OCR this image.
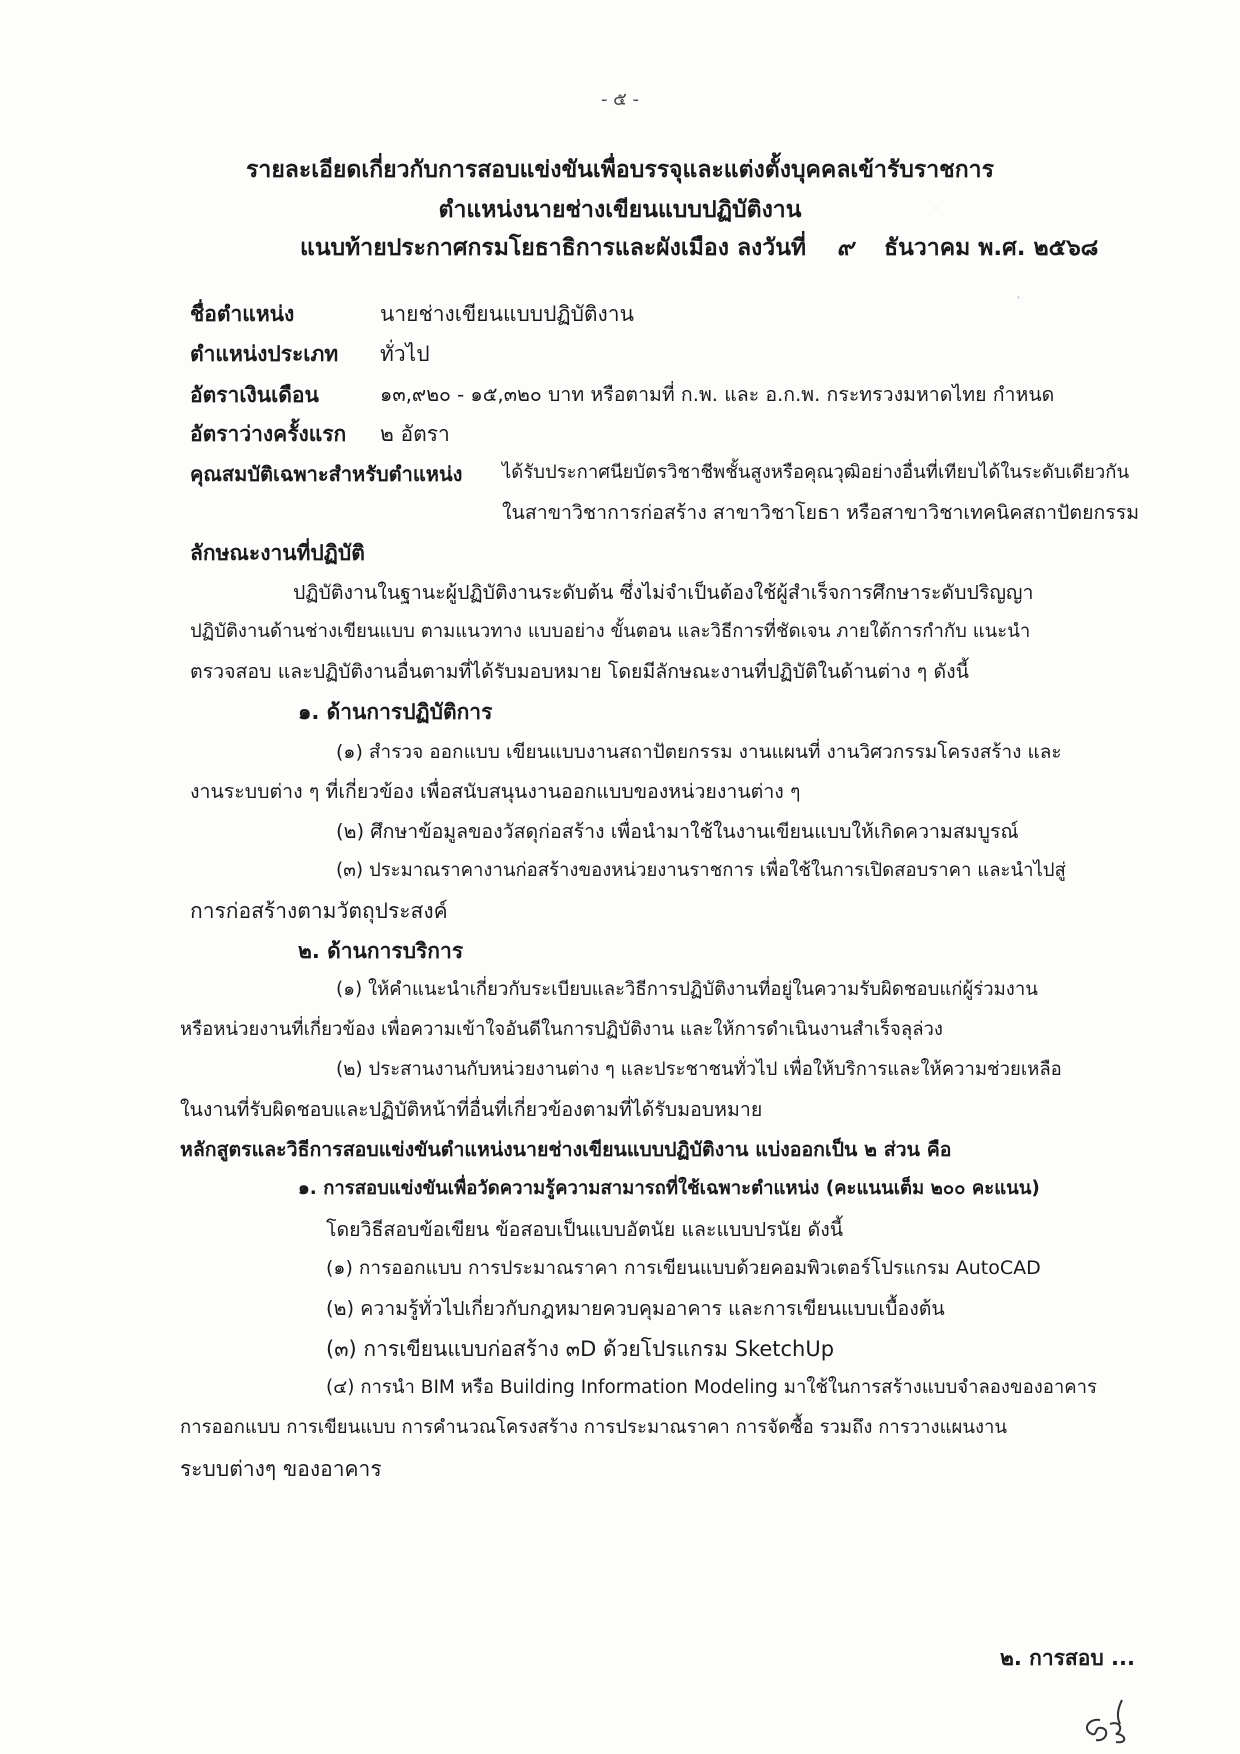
- ๕ -
รายละเอียดเกี่ยวกับการสอบแข่งขันเพื่อบรรจุและแต่งตั้งบุคคลเข้ารับราชการ
ตำแหน่งนายช่างเขียนแบบปฏิบัติงาน
แนบท้ายประกาศกรมโยธาธิการและผังเมือง ลงวันที่ ๙ ธันวาคม พ.ศ. ๒๕๖๘
ชื่อตำแหน่ง	นายช่างเขียนแบบปฏิบัติงาน
ตำแหน่งประเภท ทั่วไป
อัตราเงินเดือน	๑๓,๙๒๐ - ๑๕,๓๒๐ บาท หรือตามที่ ก.พ. และ อ.ก.พ. กระทรวงมหาดไทย กำหนด
อัตราว่างครั้งแรก ๒ อัตรา
คุณสมบัติเฉพาะสำหรับตำแหน่ง ได้รับประกาศนียบัตรวิชาชีพชั้นสูงหรือคุณวุฒิอย่างอื่นที่เทียบได้ในระดับเดียวกัน
ในสาขาวิชาการก่อสร้าง สาขาวิชาโยธา หรือสาขาวิชาเทคนิคสถาปัตยกรรม
ลักษณะงานที่ปฏิบัติ
ปฏิบัติงานในฐานะผู้ปฏิบัติงานระดับต้น ซึ่งไม่จำเป็นต้องใช้ผู้สำเร็จการศึกษาระดับปริญญา
ปฏิบัติงานด้านช่างเขียนแบบ ตามแนวทาง แบบอย่าง ขั้นตอน และวิธีการที่ชัดเจน ภายใต้การกำกับ แนะนำ
ตรวจสอบ และปฏิบัติงานอื่นตามที่ได้รับมอบหมาย โดยมีลักษณะงานที่ปฏิบัติในด้านต่าง ๆ ดังนี้
๑. ด้านการปฏิบัติการ
(๑) สำรวจ ออกแบบ เขียนแบบงานสถาปัตยกรรม งานแผนที่ งานวิศวกรรมโครงสร้าง และ
งานระบบต่าง ๆ ที่เกี่ยวข้อง เพื่อสนับสนุนงานออกแบบของหน่วยงานต่าง ๆ
(๒) ศึกษาข้อมูลของวัสดุก่อสร้าง เพื่อนำมาใช้ในงานเขียนแบบให้เกิดความสมบูรณ์
(๓) ประมาณราคางานก่อสร้างของหน่วยงานราชการ เพื่อใช้ในการเปิดสอบราคา และนำไปสู่
การก่อสร้างตามวัตถุประสงค์
๒. ด้านการบริการ
(๑) ให้คำแนะนำเกี่ยวกับระเบียบและวิธีการปฏิบัติงานที่อยู่ในความรับผิดชอบแก่ผู้ร่วมงาน
หรือหน่วยงานที่เกี่ยวข้อง เพื่อความเข้าใจอันดีในการปฏิบัติงาน และให้การดำเนินงานสำเร็จลุล่วง
(๒) ประสานงานกับหน่วยงานต่าง ๆ และประชาชนทั่วไป เพื่อให้บริการและให้ความช่วยเหลือ
ในงานที่รับผิดชอบและปฏิบัติหน้าที่อื่นที่เกี่ยวข้องตามที่ได้รับมอบหมาย
หลักสูตรและวิธีการสอบแข่งขันตำแหน่งนายช่างเขียนแบบปฏิบัติงาน แบ่งออกเป็น ๒ ส่วน คือ
๑. การสอบแข่งขันเพื่อวัดความรู้ความสามารถที่ใช้เฉพาะตำแหน่ง (คะแนนเต็ม ๒๐๐ คะแนน)
โดยวิธีสอบข้อเขียน ข้อสอบเป็นแบบอัตนัย และแบบปรนัย ดังนี้
(๑) การออกแบบ การประมาณราคา การเขียนแบบด้วยคอมพิวเตอร์โปรแกรม AutoCAD
(๒) ความรู้ทั่วไปเกี่ยวกับกฎหมายควบคุมอาคาร และการเขียนแบบเบื้องต้น
(๓) การเขียนแบบก่อสร้าง ๓D ด้วยโปรแกรม SketchUp
(๔) การนำ BIM หรือ Building Information Modeling มาใช้ในการสร้างแบบจำลองของอาคาร
การออกแบบ การเขียนแบบ การคำนวณโครงสร้าง การประมาณราคา การจัดซื้อ รวมถึง การวางแผนงาน
ระบบต่างๆ ของอาคาร
๒. การสอบ ...
